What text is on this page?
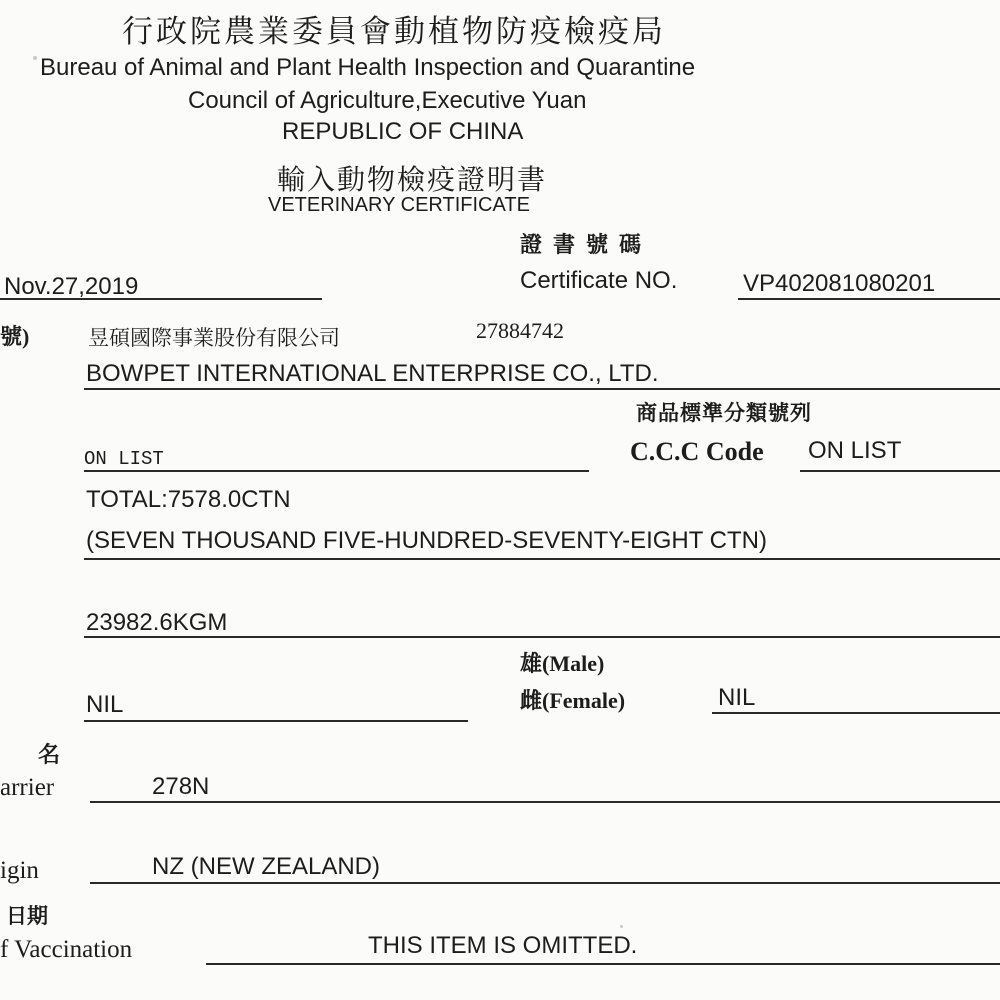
行政院農業委員會動植物防疫檢疫局
Bureau of Animal and Plant Health Inspection and Quarantine
Council of Agriculture,Executive Yuan
REPUBLIC OF CHINA
輸入動物檢疫證明書
VETERINARY CERTIFICATE
證  書  號  碼
Certificate NO.	VP402081080201
Nov.27,2019
號)	昱碩國際事業股份有限公司	27884742
BOWPET INTERNATIONAL ENTERPRISE CO., LTD.
商品標準分類號列
ON LIST	C.C.C Code ON LIST
TOTAL:7578.0CTN
(SEVEN THOUSAND FIVE-HUNDRED-SEVENTY-EIGHT CTN)
23982.6KGM
雄(Male)
雌(Female)
NIL	NIL
名
arrier	278N
igin	NZ (NEW ZEALAND)
日期
f Vaccination	THIS ITEM IS OMITTED.
